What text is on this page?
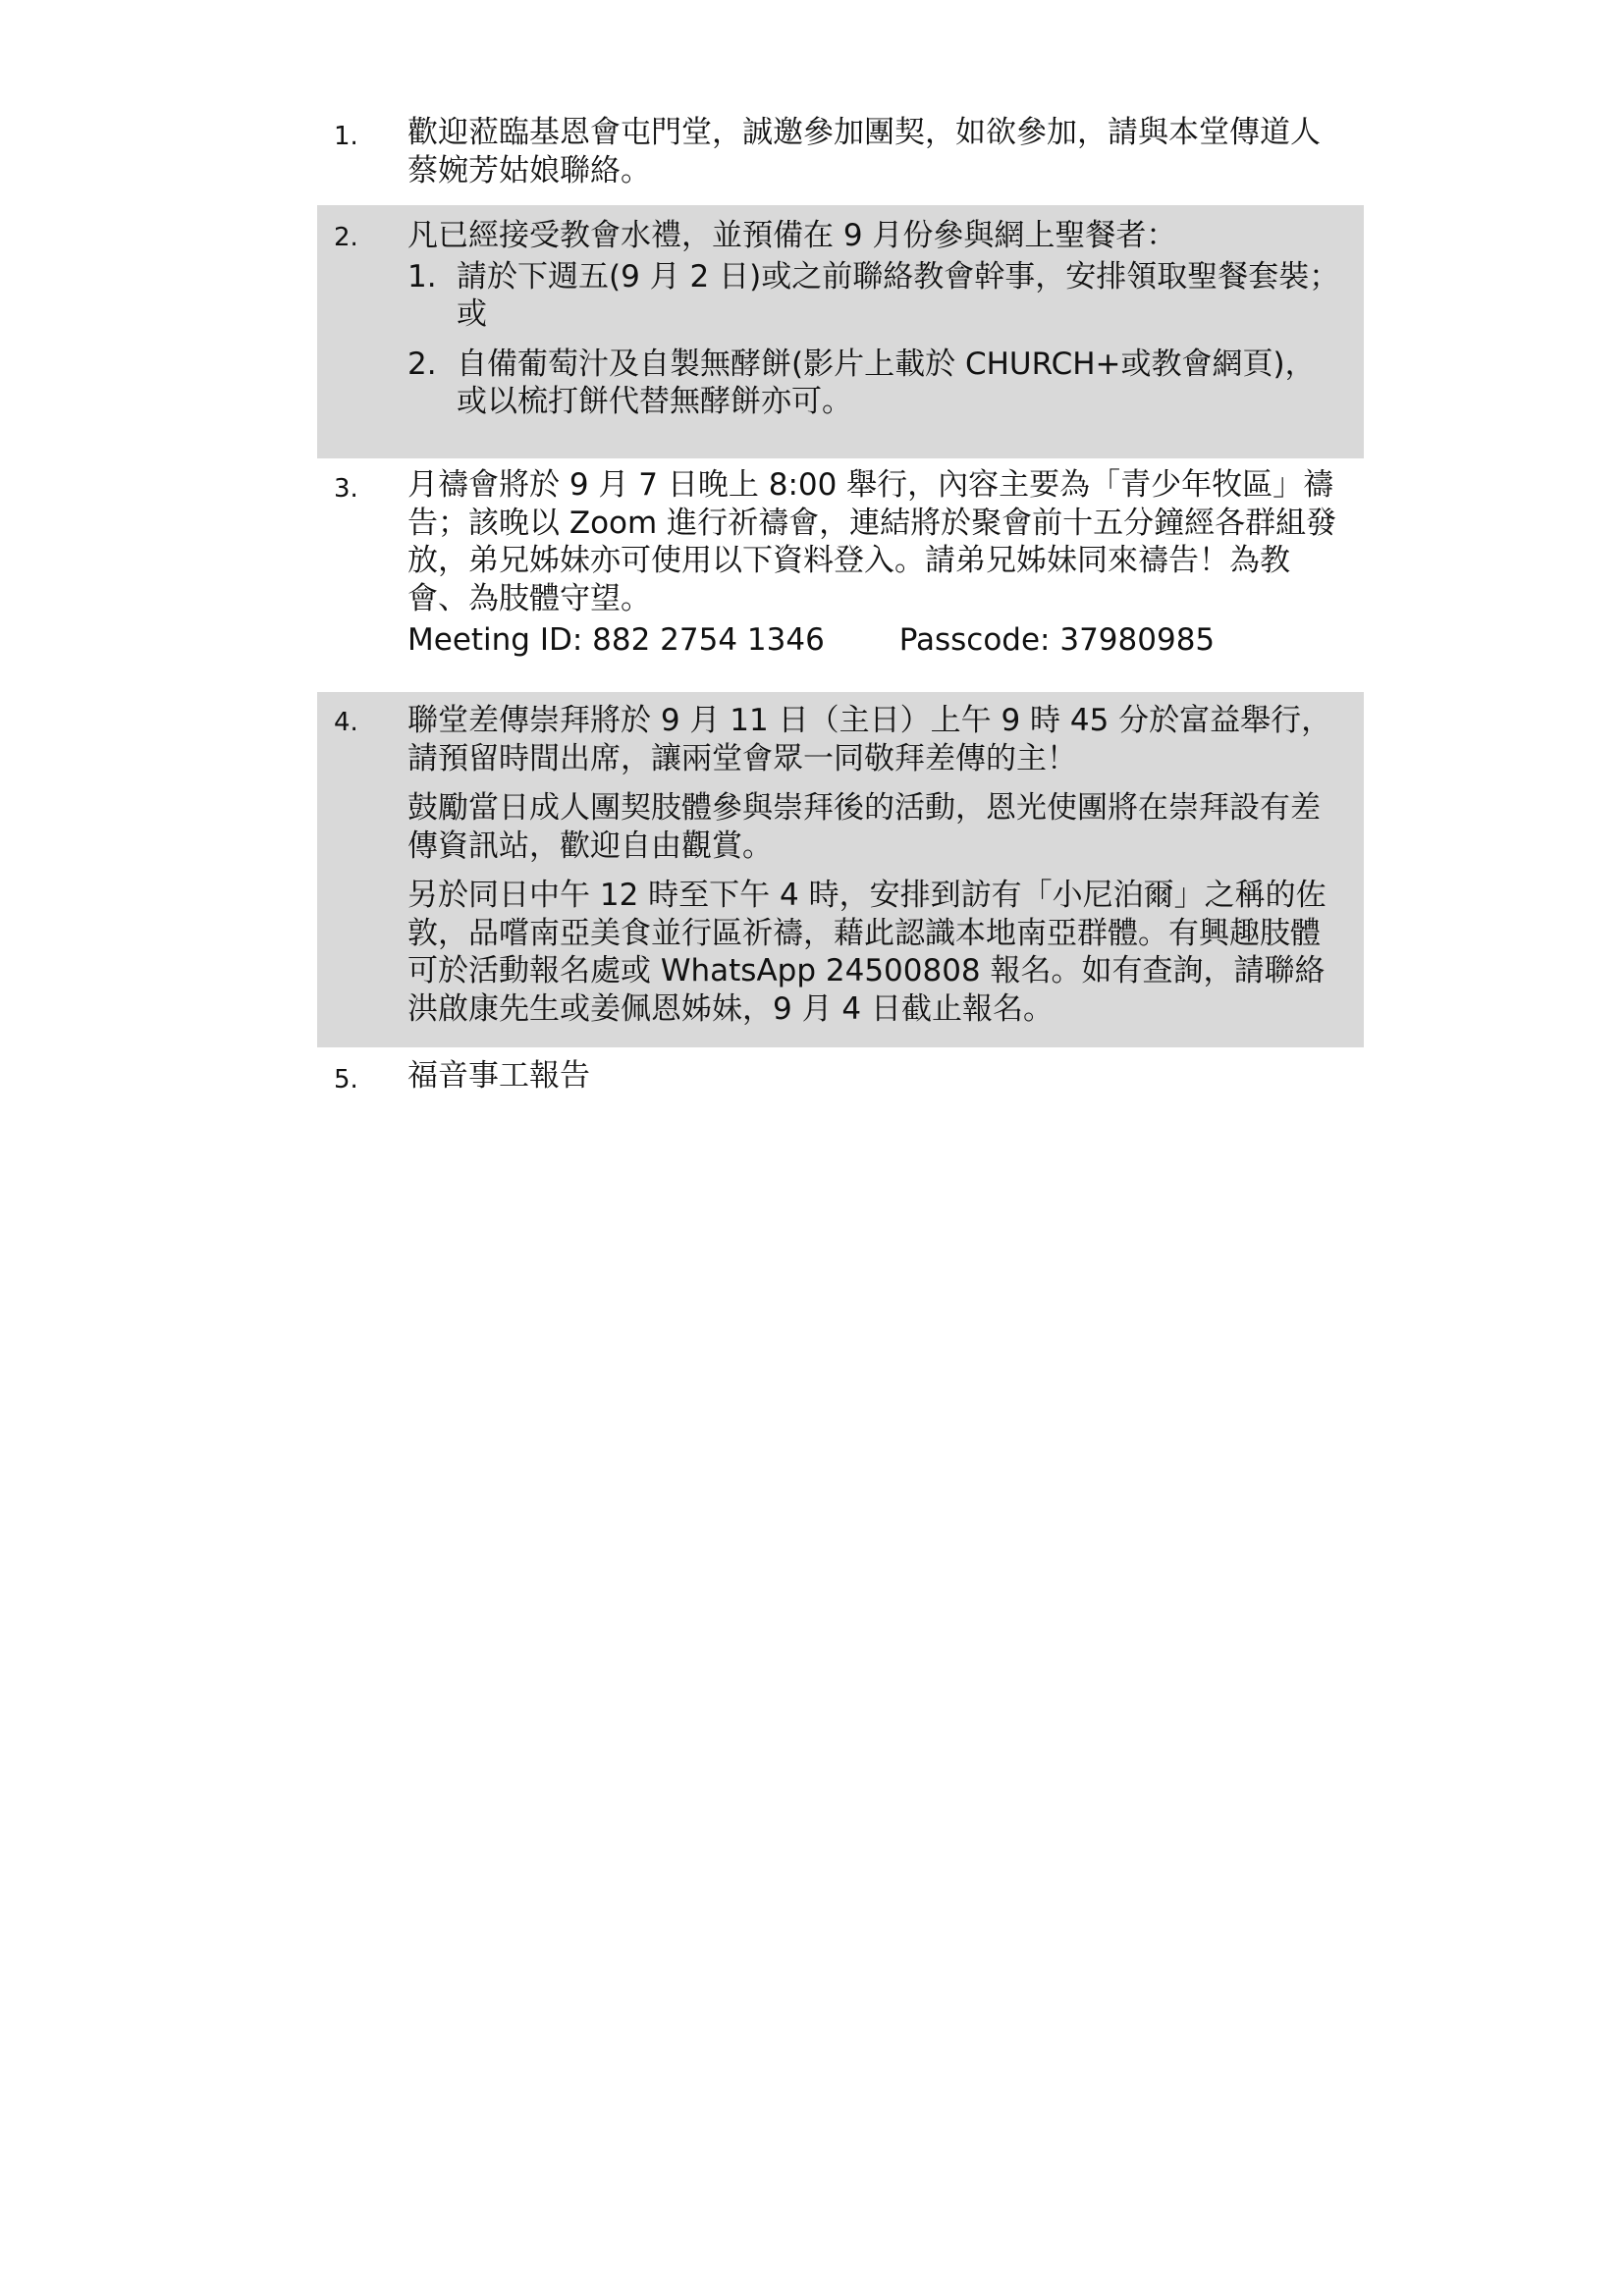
1. 歡迎蒞臨基恩會屯門堂，誠邀參加團契，如欲參加，請與本堂傳道人蔡婉芳姑娘聯絡。

2. 凡已經接受教會水禮，並預備在 9 月份參與網上聖餐者：

1. 請於下週五(9 月 2 日)或之前聯絡教會幹事，安排領取聖餐套裝；或
2. 自備葡萄汁及自製無酵餅(影片上載於 CHURCH+或教會網頁)， 或以梳打餅代替無酵餅亦可。
3. 月禱會將於 9 月 7 日晚上 8:00 舉行，內容主要為「青少年牧區」禱告；該晚以 Zoom 進行祈禱會，連結將於聚會前十五分鐘經各群組發放，弟兄姊妹亦可使用以下資料登入。請弟兄姊妹同來禱告！為教會、為肢體守望。

Meeting ID: 882 2754 1346 Passcode: 37980985
4. 聯堂差傳崇拜將於 9 月 11 日（主日）上午 9 時 45 分於富益舉行，請預留時間出席，讓兩堂會眾一同敬拜差傳的主！

鼓勵當日成人團契肢體參與崇拜後的活動，恩光使團將在崇拜設有差傳資訊站，歡迎自由觀賞。

另於同日中午 12 時至下午 4 時，安排到訪有「小尼泊爾」之稱的佐敦，品嚐南亞美食並行區祈禱，藉此認識本地南亞群體。有興趣肢體可於活動報名處或 WhatsApp 24500808 報名。如有查詢，請聯絡洪啟康先生或姜佩恩姊妹，9 月 4 日截止報名。

5. 福音事工報告
